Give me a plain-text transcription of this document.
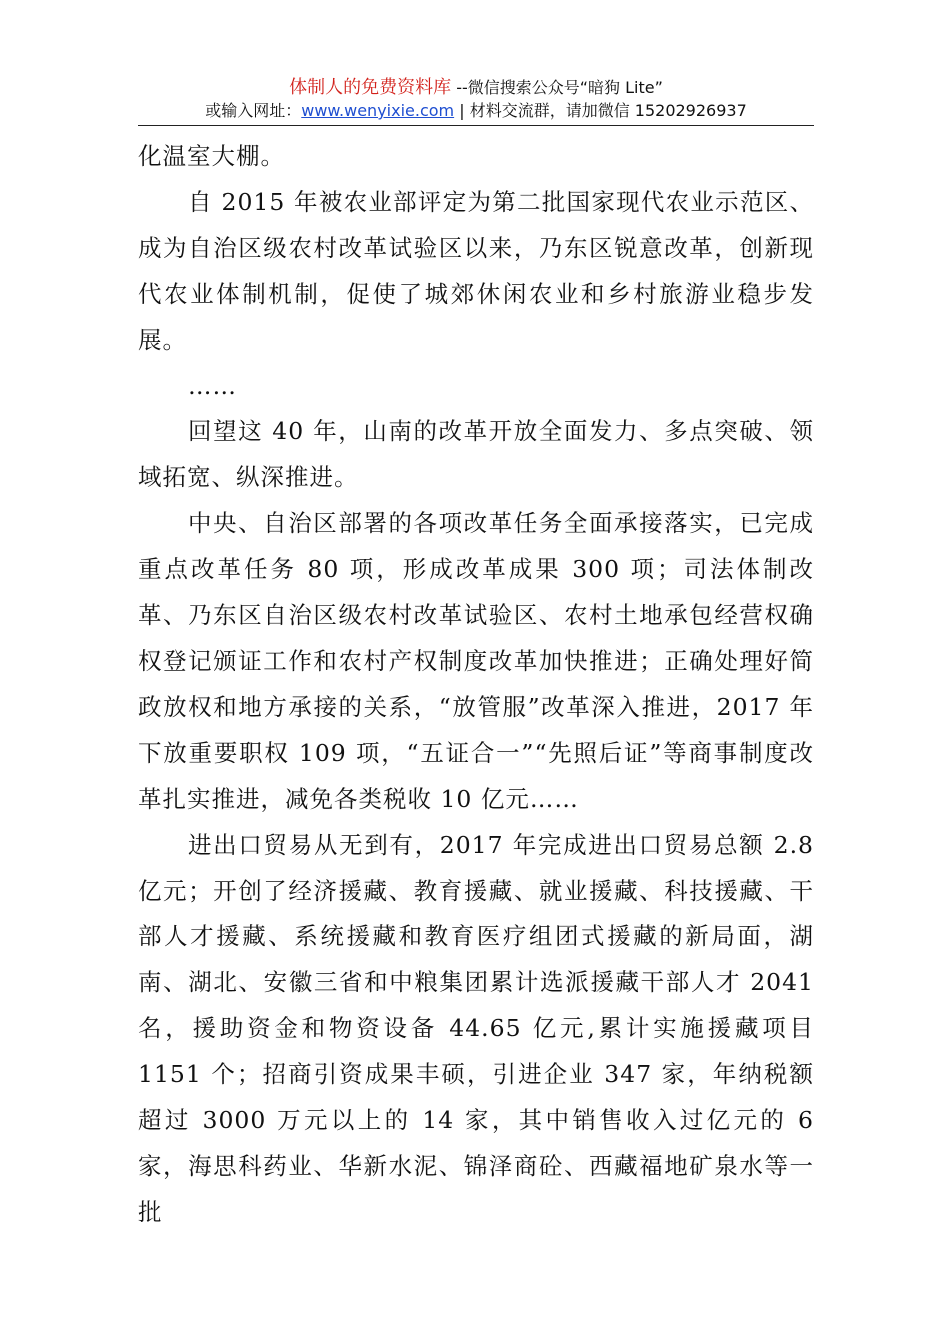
体制人的免费资料库 --微信搜索公众号“暗狗 Lite”
或输入网址：www.wenyixie.com | 材料交流群，请加微信 15202926937

化温室大棚。

自 2015 年被农业部评定为第二批国家现代农业示范区、成为自治区级农村改革试验区以来，乃东区锐意改革，创新现代农业体制机制，促使了城郊休闲农业和乡村旅游业稳步发展。

……

回望这 40 年，山南的改革开放全面发力、多点突破、领域拓宽、纵深推进。

中央、自治区部署的各项改革任务全面承接落实，已完成重点改革任务 80 项，形成改革成果 300 项；司法体制改革、乃东区自治区级农村改革试验区、农村土地承包经营权确权登记颁证工作和农村产权制度改革加快推进；正确处理好简政放权和地方承接的关系，“放管服”改革深入推进，2017 年下放重要职权 109 项，“五证合一”“先照后证”等商事制度改革扎实推进，减免各类税收 10 亿元……

进出口贸易从无到有，2017 年完成进出口贸易总额 2.8 亿元；开创了经济援藏、教育援藏、就业援藏、科技援藏、干部人才援藏、系统援藏和教育医疗组团式援藏的新局面，湖南、湖北、安徽三省和中粮集团累计选派援藏干部人才 2041 名，援助资金和物资设备 44.65 亿元,累计实施援藏项目 1151 个；招商引资成果丰硕，引进企业 347 家，年纳税额超过 3000 万元以上的 14 家，其中销售收入过亿元的 6 家，海思科药业、华新水泥、锦泽商砼、西藏福地矿泉水等一批
